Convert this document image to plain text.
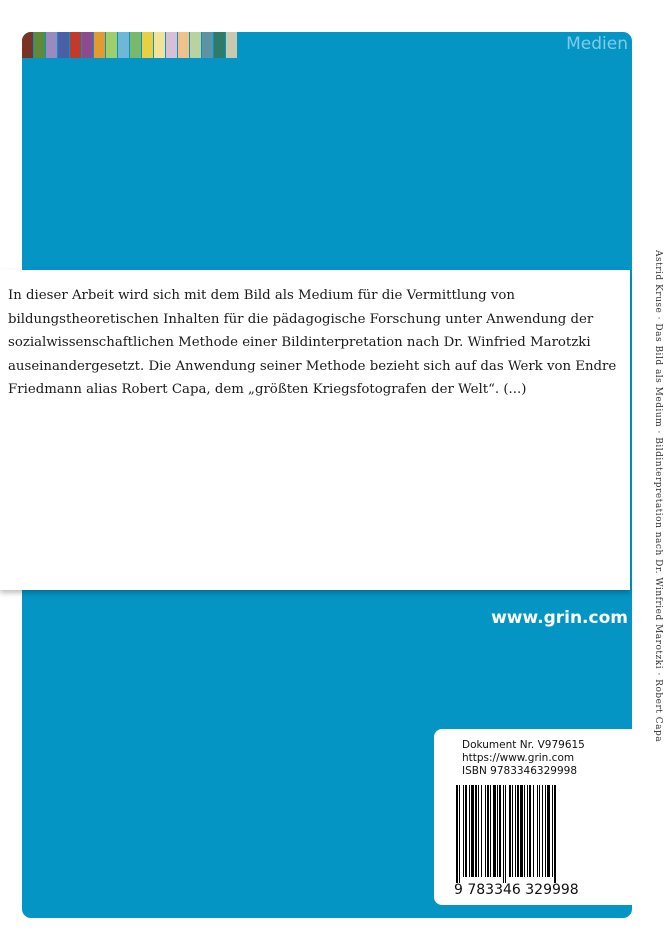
Medien

In dieser Arbeit wird sich mit dem Bild als Medium für die Vermittlung von bildungstheoretischen Inhalten für die pädagogische Forschung unter Anwendung der sozialwissenschaftlichen Methode einer Bildinterpretation nach Dr. Winfried Marotzki auseinandergesetzt. Die Anwendung seiner Methode bezieht sich auf das Werk von Endre Friedmann alias Robert Capa, dem „größten Kriegsfotografen der Welt“. (...)

www.grin.com
Dokument Nr. V979615
https://www.grin.com
ISBN 9783346329998
9 783346 329998
Astrid Kruse · Das Bild als Medium · Bildinterpretation nach Dr. Winfried Marotzki · Robert Capa
